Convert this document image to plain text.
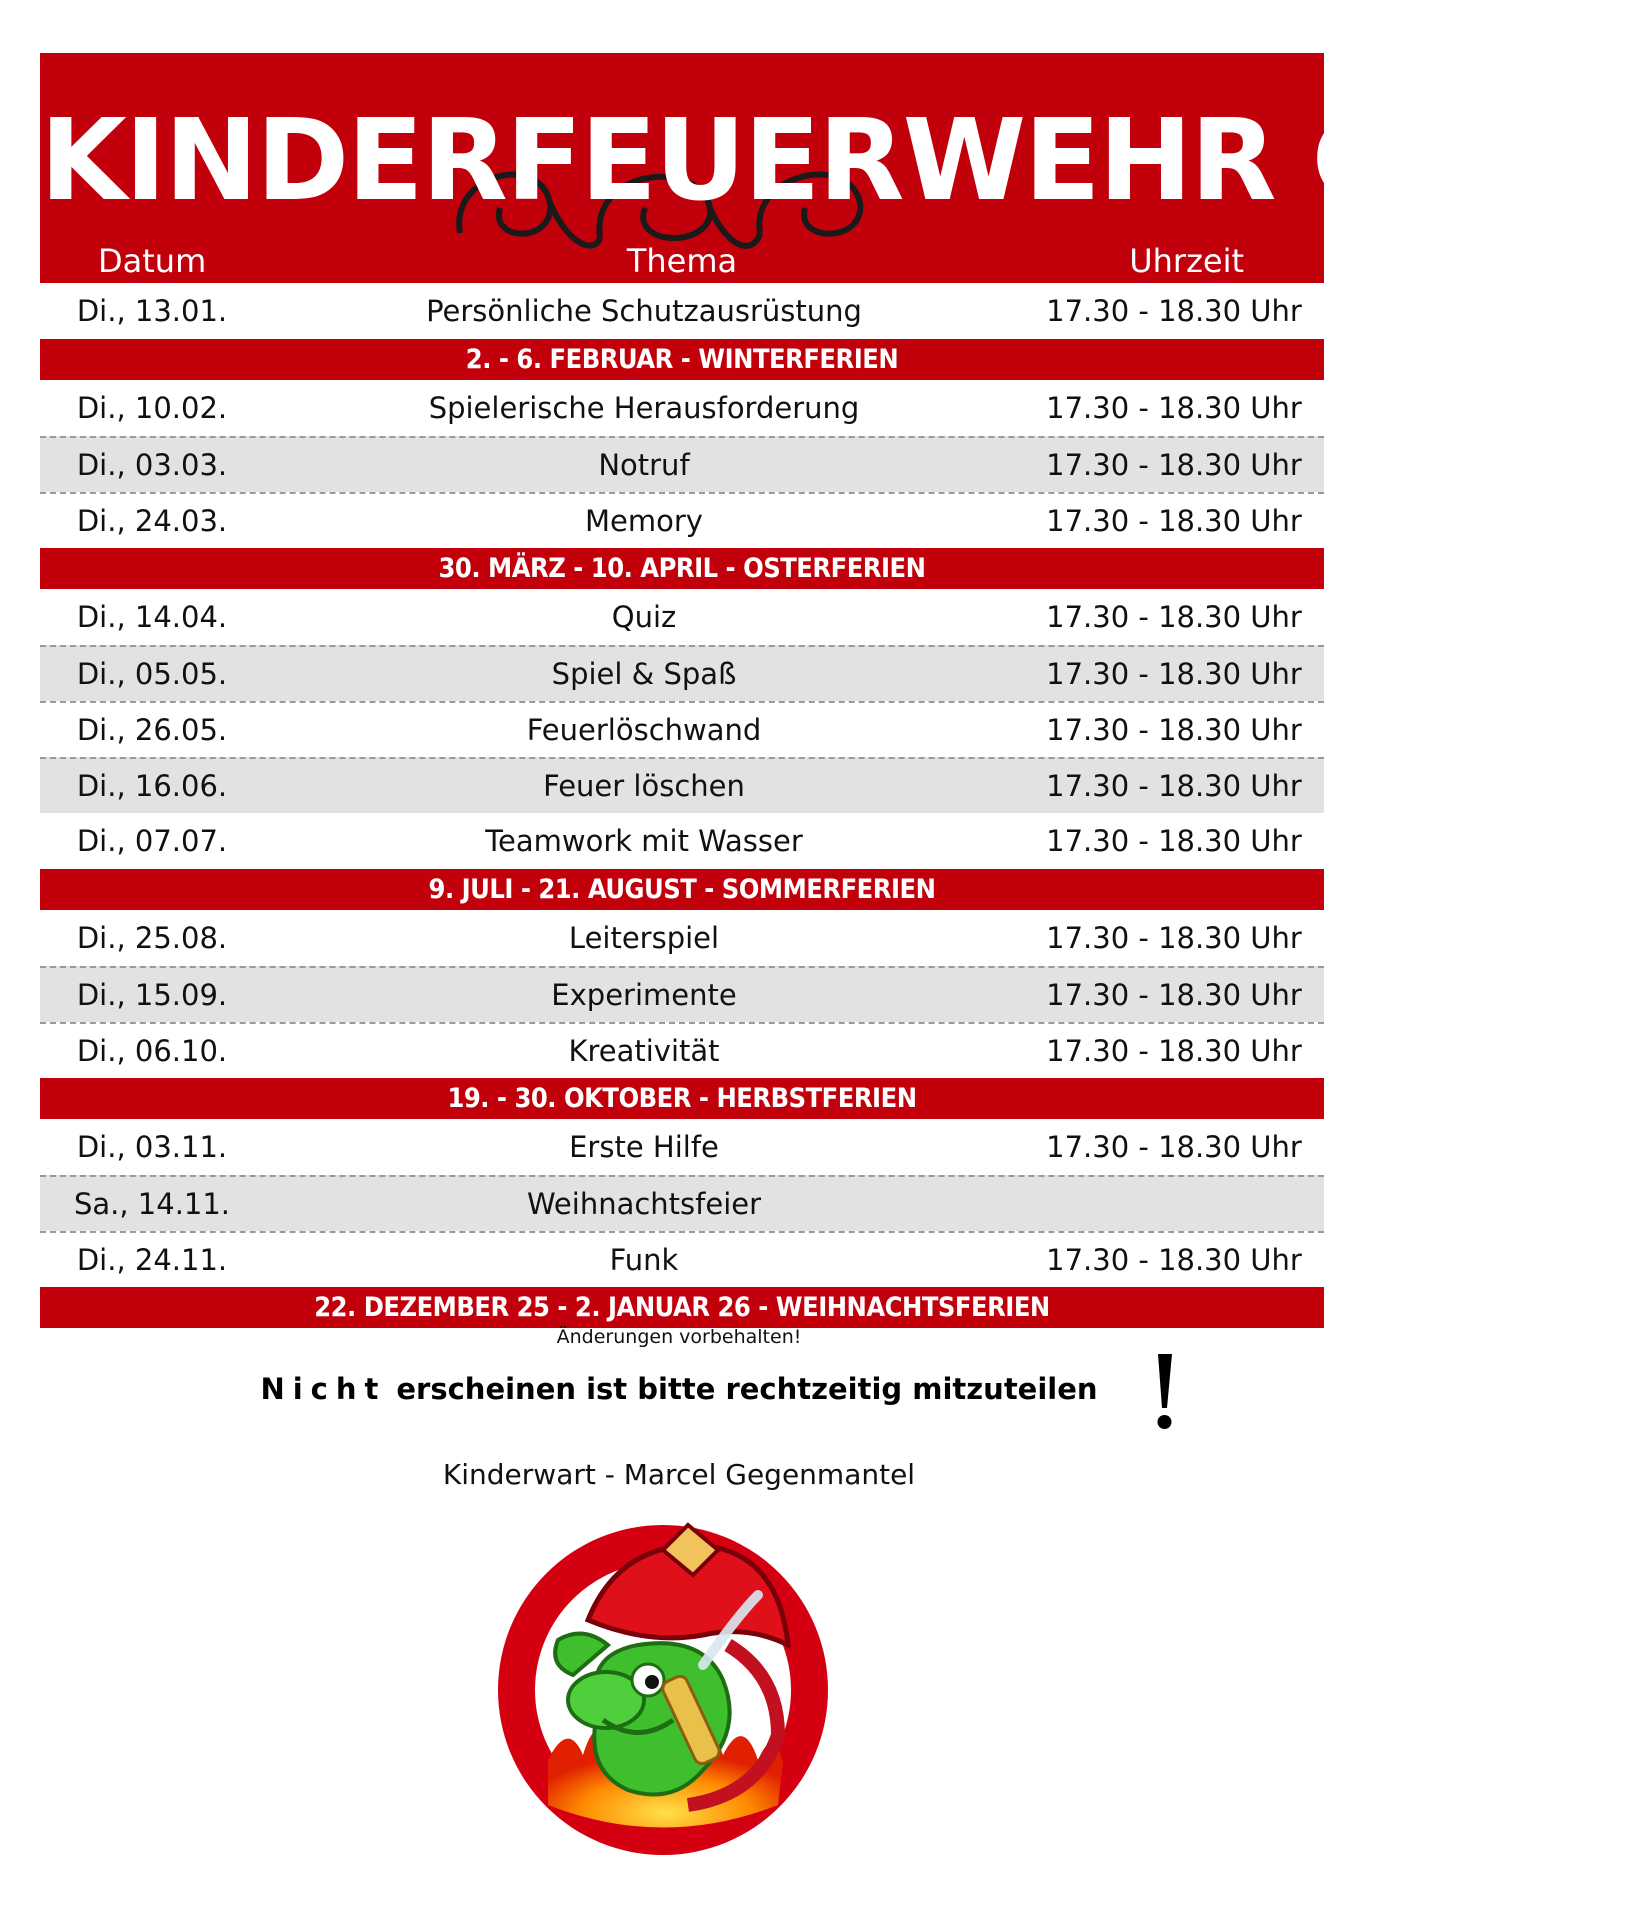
KINDERFEUERWEHR GÖTZ
Datum	Thema	Uhrzeit
Di., 13.01.	Persönliche Schutzausrüstung	17.30 - 18.30 Uhr
2. - 6. FEBRUAR - WINTERFERIEN
Di., 10.02.	Spielerische Herausforderung	17.30 - 18.30 Uhr
Di., 03.03.	Notruf	17.30 - 18.30 Uhr
Di., 24.03.	Memory	17.30 - 18.30 Uhr
30. MÄRZ - 10. APRIL - OSTERFERIEN
Di., 14.04.	Quiz	17.30 - 18.30 Uhr
Di., 05.05.	Spiel & Spaß	17.30 - 18.30 Uhr
Di., 26.05.	Feuerlöschwand	17.30 - 18.30 Uhr
Di., 16.06.	Feuer löschen	17.30 - 18.30 Uhr
Di., 07.07.	Teamwork mit Wasser	17.30 - 18.30 Uhr
9. JULI - 21. AUGUST - SOMMERFERIEN
Di., 25.08.	Leiterspiel	17.30 - 18.30 Uhr
Di., 15.09.	Experimente	17.30 - 18.30 Uhr
Di., 06.10.	Kreativität	17.30 - 18.30 Uhr
19. - 30. OKTOBER - HERBSTFERIEN
Di., 03.11.	Erste Hilfe	17.30 - 18.30 Uhr
Sa., 14.11.	Weihnachtsfeier
Di., 24.11.	Funk	17.30 - 18.30 Uhr
22. DEZEMBER 25 - 2. JANUAR 26 - WEIHNACHTSFERIEN
Änderungen vorbehalten!
Nicht erscheinen ist bitte rechtzeitig mitzuteilen
Kinderwart - Marcel Gegenmantel
